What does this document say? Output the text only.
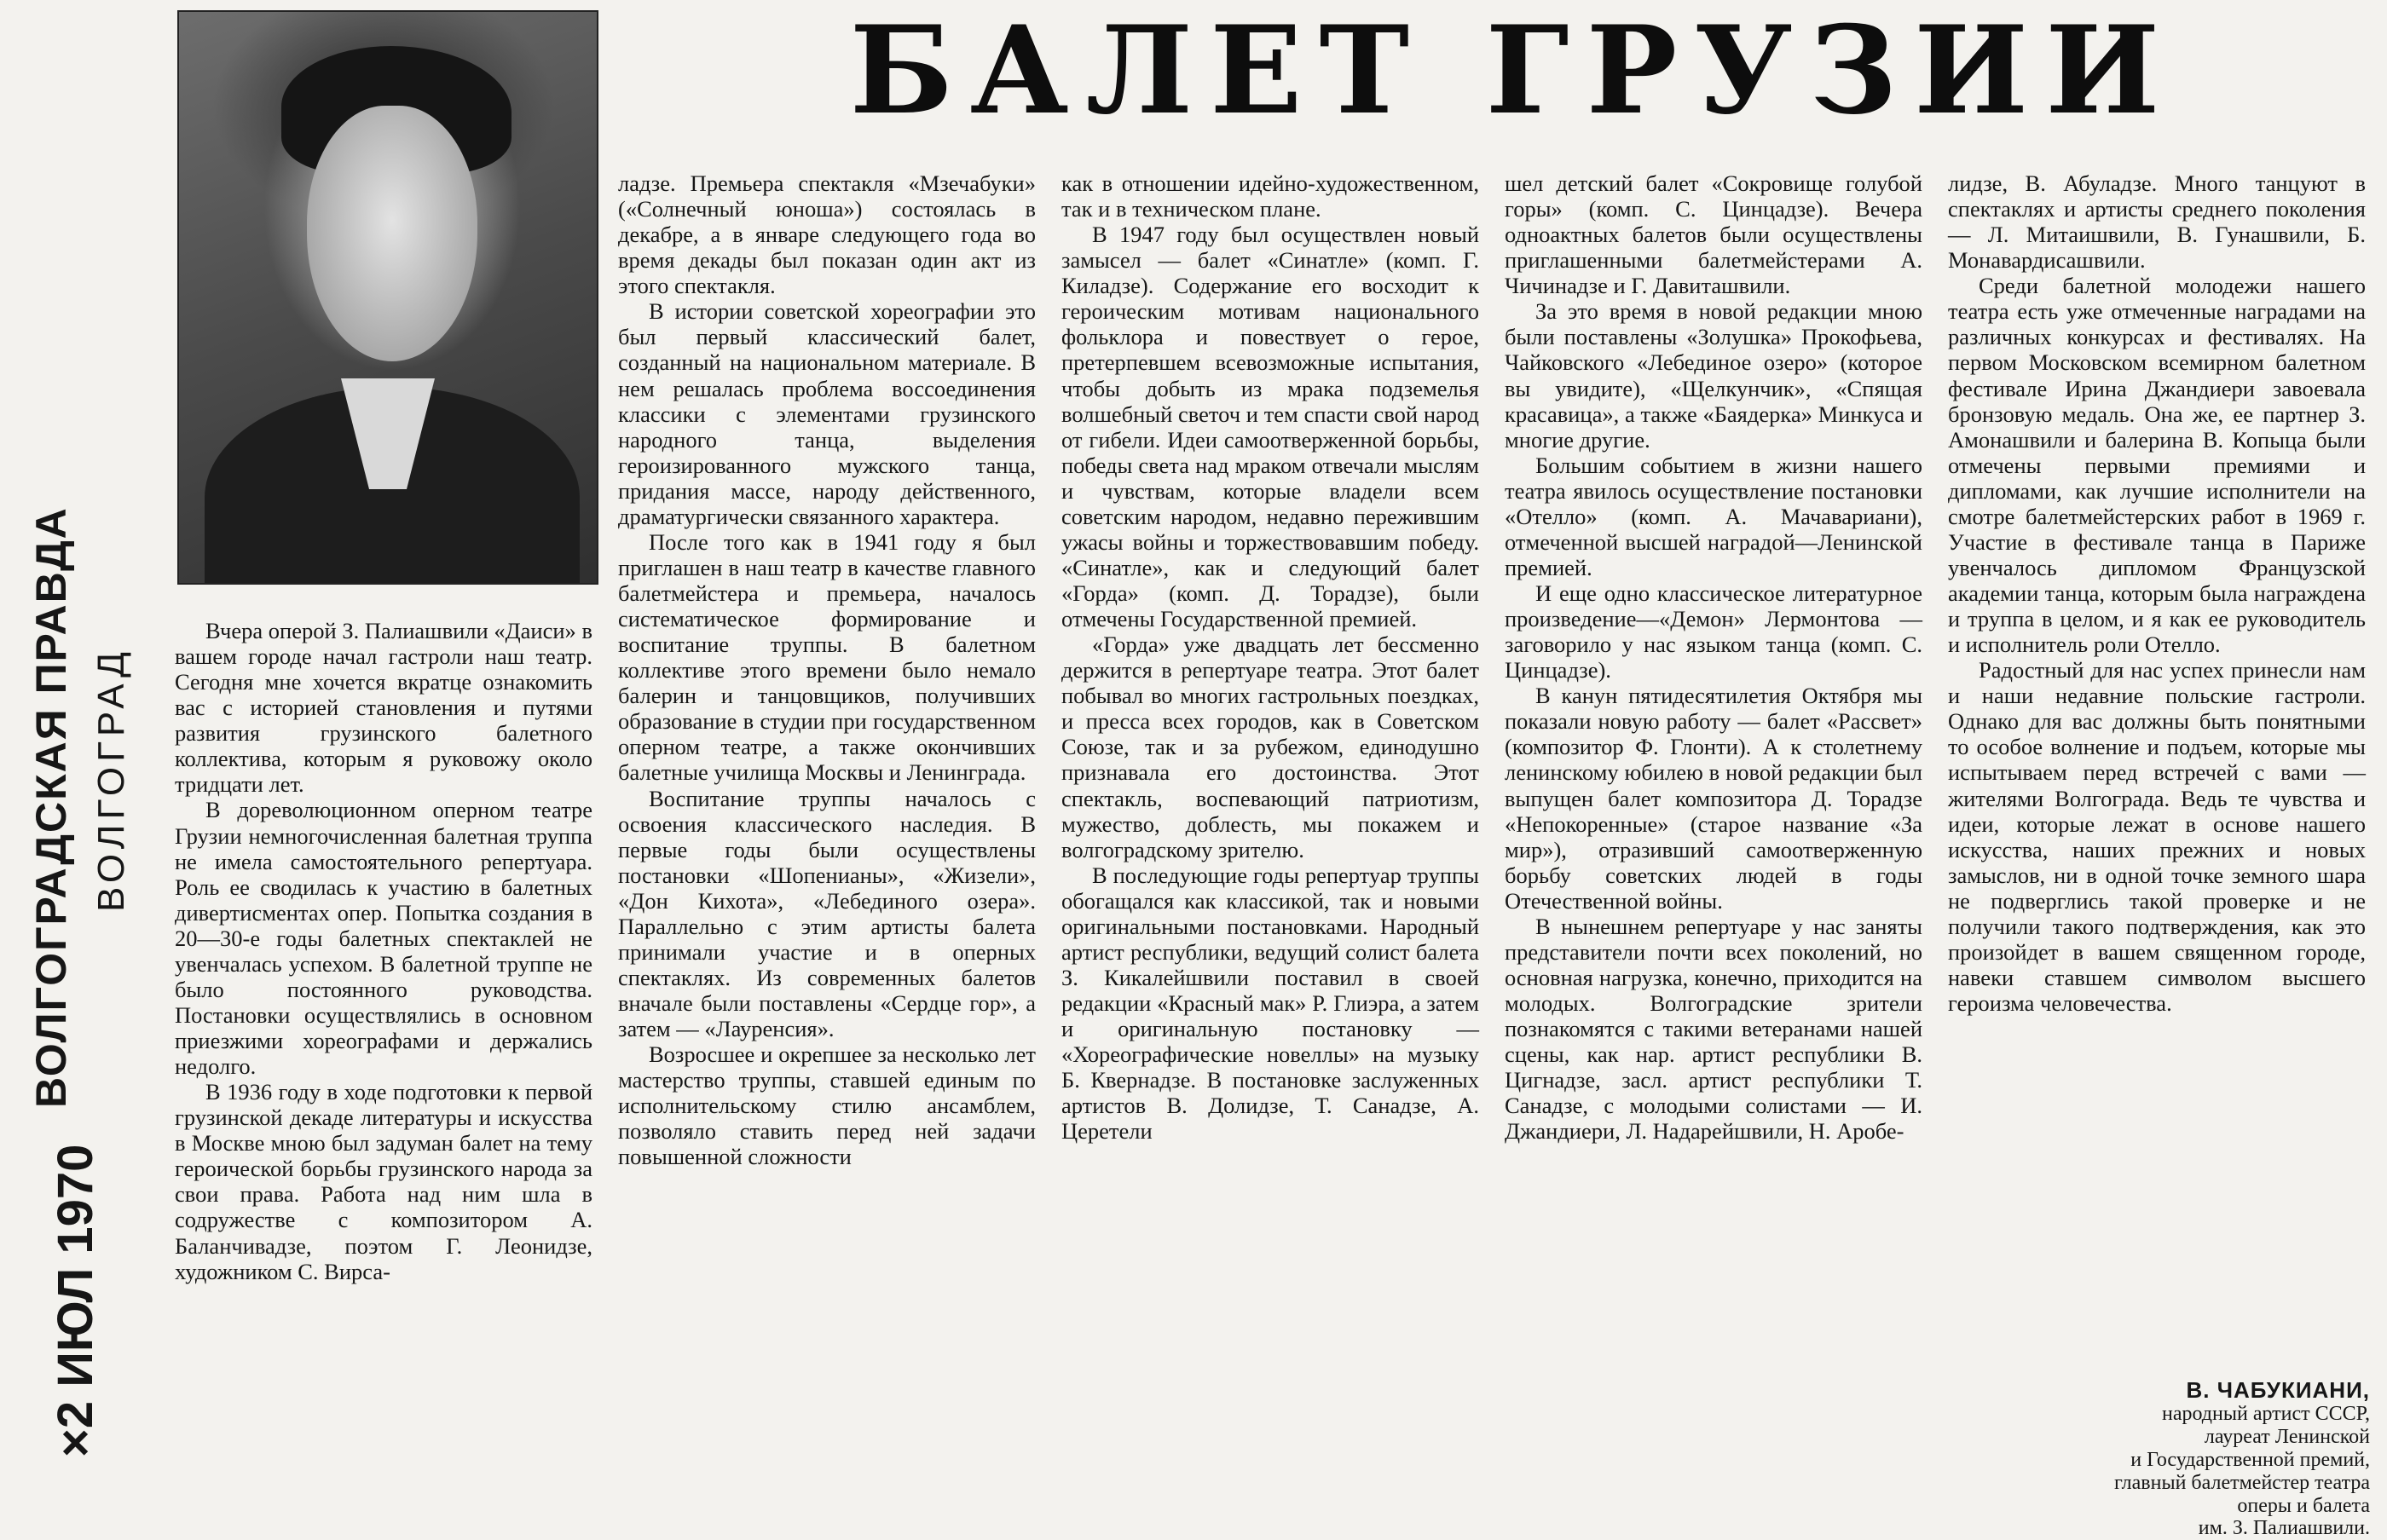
БАЛЕТ ГРУЗИИ
ВОЛГОГРАДСКАЯ ПРАВДА ВОЛГОГРАД
×2 ИЮЛ 1970

Вчера оперой З. Палиашвили «Даиси» в вашем городе начал гастроли наш театр. Сегодня мне хочется вкратце ознакомить вас с историей становления и путями развития грузинского балетного коллектива, которым я руковожу около тридцати лет.

В дореволюционном оперном театре Грузии немногочисленная балетная труппа не имела самостоятельного репертуара. Роль ее сводилась к участию в балетных дивертисментах опер. Попытка создания в 20—30-е годы балетных спектаклей не увенчалась успехом. В балетной труппе не было постоянного руководства. Постановки осуществлялись в основном приезжими хореографами и держались недолго.

В 1936 году в ходе подготовки к первой грузинской декаде литературы и искусства в Москве мною был задуман балет на тему героической борьбы грузинского народа за свои права. Работа над ним шла в содружестве с композитором А. Баланчивадзе, поэтом Г. Леонидзе, художником С. Вирса-

ладзе. Премьера спектакля «Мзечабуки» («Солнечный юноша») состоялась в декабре, а в январе следующего года во время декады был показан один акт из этого спектакля.

В истории советской хореографии это был первый классический балет, созданный на национальном материале. В нем решалась проблема воссоединения классики с элементами грузинского народного танца, выделения героизированного мужского танца, придания массе, народу действенного, драматургически связанного характера.

После того как в 1941 году я был приглашен в наш театр в качестве главного балетмейстера и премьера, началось систематическое формирование и воспитание труппы. В балетном коллективе этого времени было немало балерин и танцовщиков, получивших образование в студии при государственном оперном театре, а также окончивших балетные училища Москвы и Ленинграда.

Воспитание труппы началось с освоения классического наследия. В первые годы были осуществлены постановки «Шопенианы», «Жизели», «Дон Кихота», «Лебединого озера». Параллельно с этим артисты балета принимали участие и в оперных спектаклях. Из современных балетов вначале были поставлены «Сердце гор», а затем — «Лауренсия».

Возросшее и окрепшее за несколько лет мастерство труппы, ставшей единым по исполнительскому стилю ансамблем, позволяло ставить перед ней задачи повышенной сложности

как в отношении идейно-художественном, так и в техническом плане.

В 1947 году был осуществлен новый замысел — балет «Синатле» (комп. Г. Киладзе). Содержание его восходит к героическим мотивам национального фольклора и повествует о герое, претерпевшем всевозможные испытания, чтобы добыть из мрака подземелья волшебный светоч и тем спасти свой народ от гибели. Идеи самоотверженной борьбы, победы света над мраком отвечали мыслям и чувствам, которые владели всем советским народом, недавно пережившим ужасы войны и торжествовавшим победу. «Синатле», как и следующий балет «Горда» (комп. Д. Торадзе), были отмечены Государственной премией.

«Горда» уже двадцать лет бессменно держится в репертуаре театра. Этот балет побывал во многих гастрольных поездках, и пресса всех городов, как в Советском Союзе, так и за рубежом, единодушно признавала его достоинства. Этот спектакль, воспевающий патриотизм, мужество, доблесть, мы покажем и волгоградскому зрителю.

В последующие годы репертуар труппы обогащался как классикой, так и новыми оригинальными постановками. Народный артист республики, ведущий солист балета З. Кикалейшвили поставил в своей редакции «Красный мак» Р. Глиэра, а затем и оригинальную постановку — «Хореографические новеллы» на музыку Б. Квернадзе. В постановке заслуженных артистов В. Долидзе, Т. Санадзе, А. Церетели

шел детский балет «Сокровище голубой горы» (комп. С. Цинцадзе). Вечера одноактных балетов были осуществлены приглашенными балетмейстерами А. Чичинадзе и Г. Давиташвили.

За это время в новой редакции мною были поставлены «Золушка» Прокофьева, Чайковского «Лебединое озеро» (которое вы увидите), «Щелкунчик», «Спящая красавица», а также «Баядерка» Минкуса и многие другие.

Большим событием в жизни нашего театра явилось осуществление постановки «Отелло» (комп. А. Мачавариани), отмеченной высшей наградой—Ленинской премией.

И еще одно классическое литературное произведение—«Демон» Лермонтова — заговорило у нас языком танца (комп. С. Цинцадзе).

В канун пятидесятилетия Октября мы показали новую работу — балет «Рассвет» (композитор Ф. Глонти). А к столетнему ленинскому юбилею в новой редакции был выпущен балет композитора Д. Торадзе «Непокоренные» (старое название «За мир»), отразивший самоотверженную борьбу советских людей в годы Отечественной войны.

В нынешнем репертуаре у нас заняты представители почти всех поколений, но основная нагрузка, конечно, приходится на молодых. Волгоградские зрители познакомятся с такими ветеранами нашей сцены, как нар. артист республики В. Цигнадзе, засл. артист республики Т. Санадзе, с молодыми солистами — И. Джандиери, Л. Надарейшвили, Н. Аробе-

лидзе, В. Абуладзе. Много танцуют в спектаклях и артисты среднего поколения — Л. Митаишвили, В. Гунашвили, Б. Монавардисашвили.

Среди балетной молодежи нашего театра есть уже отмеченные наградами на различных конкурсах и фестивалях. На первом Московском всемирном балетном фестивале Ирина Джандиери завоевала бронзовую медаль. Она же, ее партнер З. Амонашвили и балерина В. Копыца были отмечены первыми премиями и дипломами, как лучшие исполнители на смотре балетмейстерских работ в 1969 г. Участие в фестивале танца в Париже увенчалось дипломом Французской академии танца, которым была награждена и труппа в целом, и я как ее руководитель и исполнитель роли Отелло.

Радостный для нас успех принесли нам и наши недавние польские гастроли. Однако для вас должны быть понятными то особое волнение и подъем, которые мы испытываем перед встречей с вами — жителями Волгограда. Ведь те чувства и идеи, которые лежат в основе нашего искусства, наших прежних и новых замыслов, ни в одной точке земного шара не подверглись такой проверке и не получили такого подтверждения, как это произойдет в вашем священном городе, навеки ставшем символом высшего героизма человечества.

В. ЧАБУКИАНИ,
народный артист СССР,
лауреат Ленинской
и Государственной премий,
главный балетмейстер театра
оперы и балета
им. З. Палиашвили.
